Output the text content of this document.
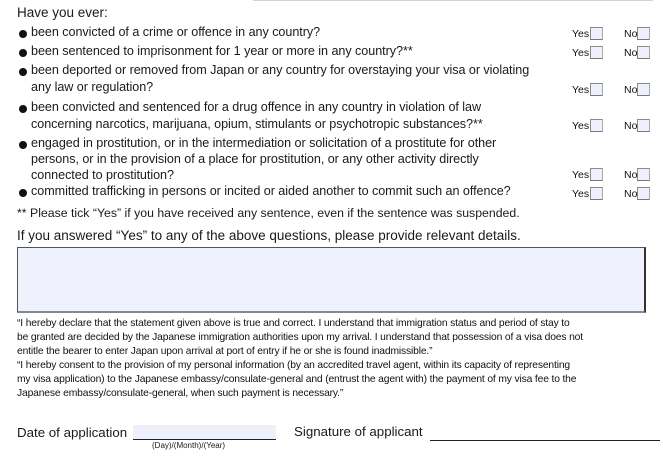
Have you ever:
been convicted of a crime or offence in any country?	Yes	No
been sentenced to imprisonment for 1 year or more in any country?**	Yes	No
been deported or removed from Japan or any country for overstaying your visa or violating
any law or regulation?	Yes	No
been convicted and sentenced for a drug offence in any country in violation of law
concerning narcotics, marijuana, opium, stimulants or psychotropic substances?**	Yes	No
engaged in prostitution, or in the intermediation or solicitation of a prostitute for other
persons, or in the provision of a place for prostitution, or any other activity directly
connected to prostitution?	Yes	No
committed trafficking in persons or incited or aided another to commit such an offence?	Yes	No
** Please tick “Yes” if you have received any sentence, even if the sentence was suspended.
If you answered “Yes” to any of the above questions, please provide relevant details.
“I hereby declare that the statement given above is true and correct. I understand that immigration status and period of stay to
be granted are decided by the Japanese immigration authorities upon my arrival. I understand that possession of a visa does not
entitle the bearer to enter Japan upon arrival at port of entry if he or she is found inadmissible.”
“I hereby consent to the provision of my personal information (by an accredited travel agent, within its capacity of representing
my visa application) to the Japanese embassy/consulate-general and (entrust the agent with) the payment of my visa fee to the
Japanese embassy/consulate-general, when such payment is necessary.”
Date of application
(Day)/(Month)/(Year)
Signature of applicant
